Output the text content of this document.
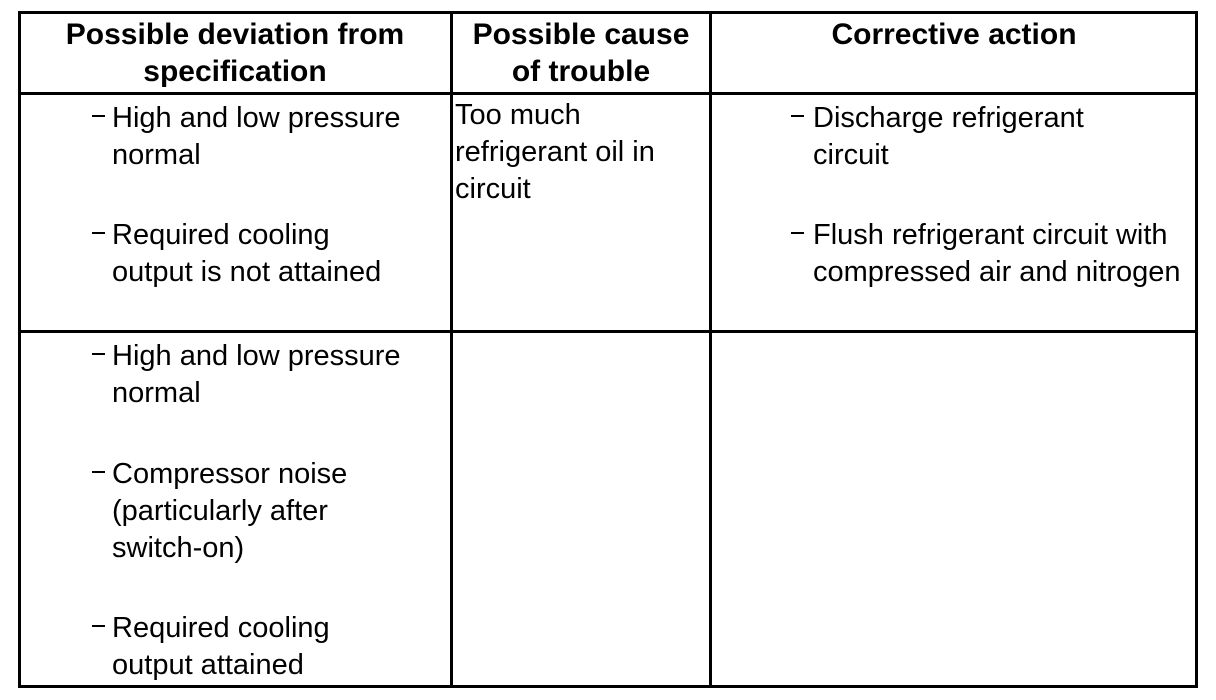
Possible deviation from specification
Possible cause of trouble
Corrective action
High and low pressure normal
Required cooling output is not attained
Too much refrigerant oil in circuit
Discharge refrigerant circuit
Flush refrigerant circuit with compressed air and nitrogen
High and low pressure normal
Compressor noise (particularly after switch-on)
Required cooling output attained
